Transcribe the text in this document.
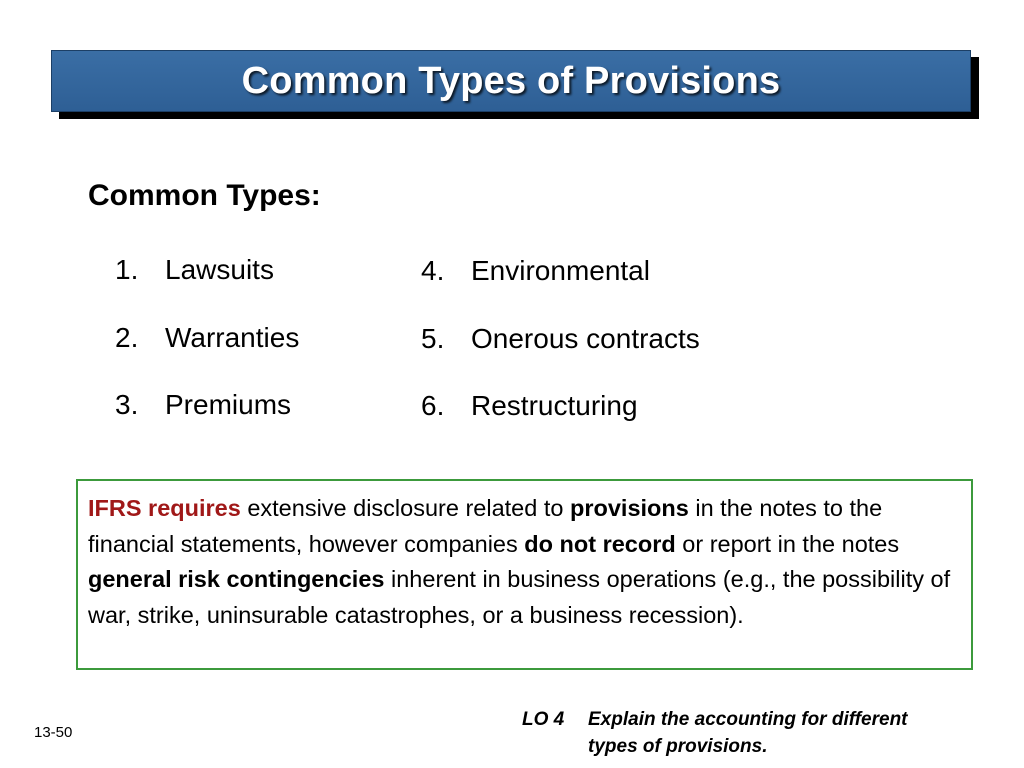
Common Types of Provisions
Common Types:
1. Lawsuits
2. Warranties
3. Premiums
4. Environmental
5. Onerous contracts
6. Restructuring
IFRS requires extensive disclosure related to provisions in the notes to the financial statements, however companies do not record or report in the notes general risk contingencies inherent in business operations (e.g., the possibility of war, strike, uninsurable catastrophes, or a business recession).
13-50
LO 4 Explain the accounting for different
types of provisions.
